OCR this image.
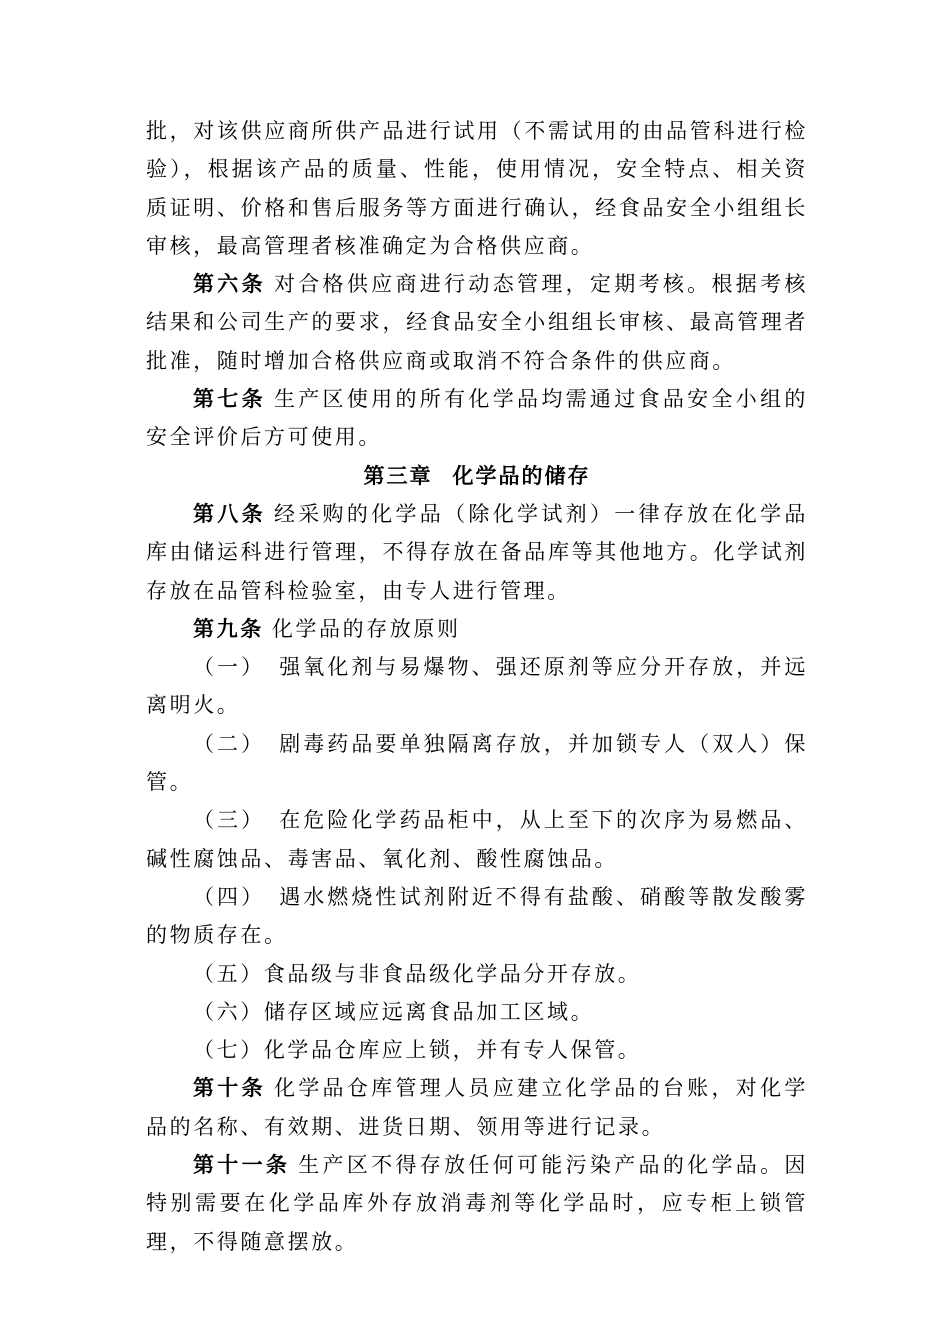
批，对该供应商所供产品进行试用（不需试用的由品管科进行检验），根据该产品的质量、性能，使用情况，安全特点、相关资质证明、价格和售后服务等方面进行确认，经食品安全小组组长审核，最高管理者核准确定为合格供应商。

第六条 对合格供应商进行动态管理，定期考核。根据考核结果和公司生产的要求，经食品安全小组组长审核、最高管理者批准，随时增加合格供应商或取消不符合条件的供应商。

第七条 生产区使用的所有化学品均需通过食品安全小组的安全评价后方可使用。

第三章 化学品的储存

第八条 经采购的化学品（除化学试剂）一律存放在化学品库由储运科进行管理，不得存放在备品库等其他地方。化学试剂存放在品管科检验室，由专人进行管理。

第九条 化学品的存放原则

（一） 强氧化剂与易爆物、强还原剂等应分开存放，并远离明火。

（二） 剧毒药品要单独隔离存放，并加锁专人（双人）保管。

（三） 在危险化学药品柜中，从上至下的次序为易燃品、碱性腐蚀品、毒害品、氧化剂、酸性腐蚀品。

（四） 遇水燃烧性试剂附近不得有盐酸、硝酸等散发酸雾的物质存在。

（五）食品级与非食品级化学品分开存放。

（六）储存区域应远离食品加工区域。

（七）化学品仓库应上锁，并有专人保管。

第十条 化学品仓库管理人员应建立化学品的台账，对化学品的名称、有效期、进货日期、领用等进行记录。

第十一条 生产区不得存放任何可能污染产品的化学品。因特别需要在化学品库外存放消毒剂等化学品时，应专柜上锁管理，不得随意摆放。
